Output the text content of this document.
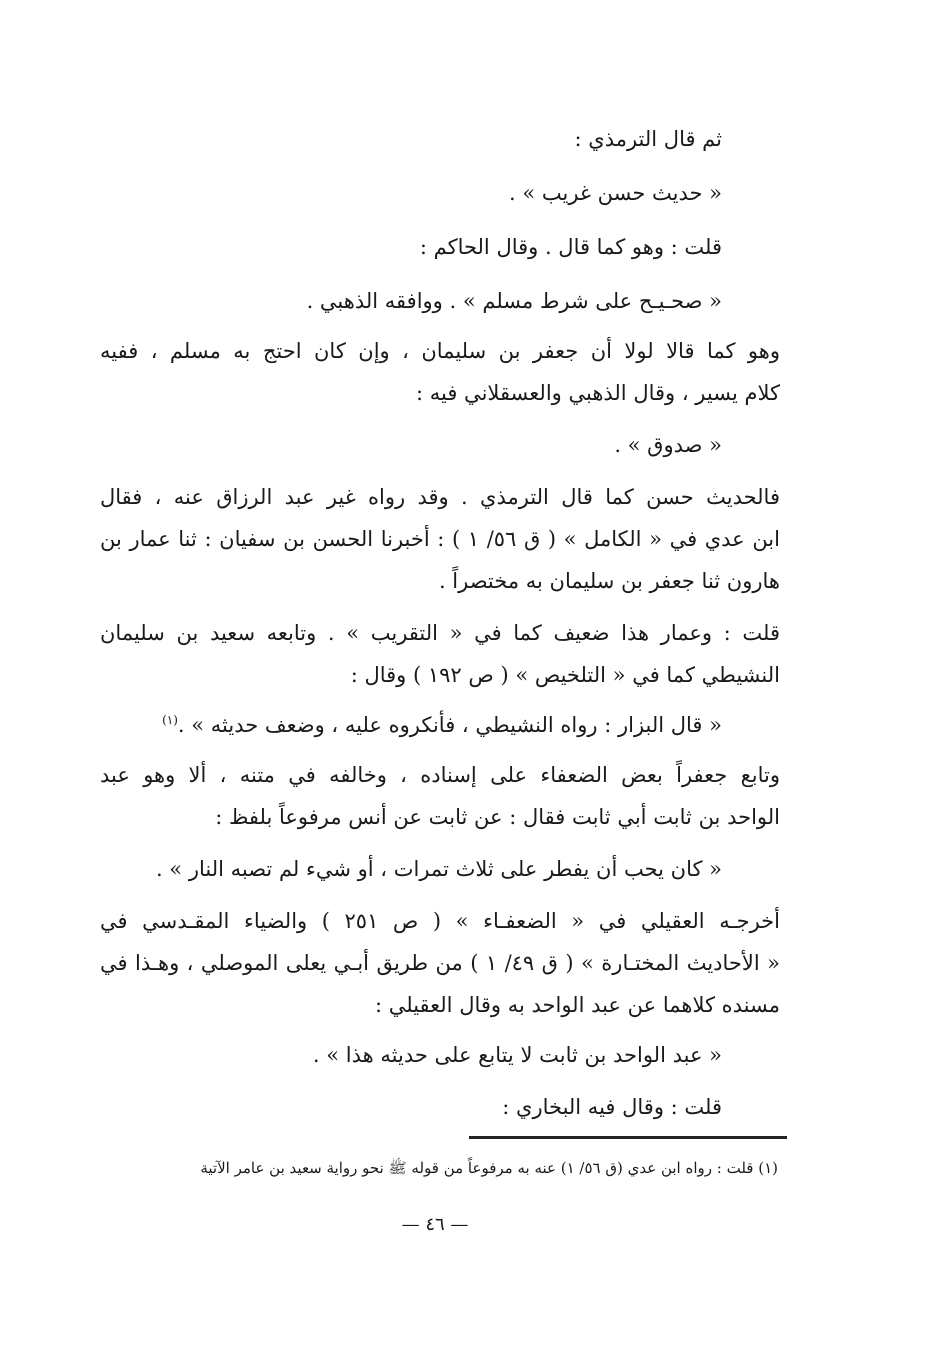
ثم قال الترمذي :
« حديث حسن غريب » .
قلت : وهو كما قال . وقال الحاكم :
« صحـيـح على شرط مسلم » . ووافقه الذهبي .
وهو كما قالا لولا أن جعفر بن سليمان ، وإن كان احتج به مسلم ، ففيه
كلام يسير ، وقال الذهبي والعسقلاني فيه :
« صدوق » .
فالحديث حسن كما قال الترمذي . وقد رواه غير عبد الرزاق عنه ، فقال
ابن عدي في « الكامل » ( ق ٥٦/ ١ ) : أخبرنا الحسن بن سفيان : ثنا عمار بن
هارون ثنا جعفر بن سليمان به مختصراً .
قلت : وعمار هذا ضعيف كما في « التقريب » . وتابعه سعيد بن سليمان
النشيطي كما في « التلخيص » ( ص ١٩٢ ) وقال :
« قال البزار : رواه النشيطي ، فأنكروه عليه ، وضعف حديثه » .$^{(١)}$
وتابع جعفراً بعض الضعفاء على إسناده ، وخالفه في متنه ، ألا وهو عبد
الواحد بن ثابت أبي ثابت فقال : عن ثابت عن أنس مرفوعاً بلفظ :
« كان يحب أن يفطر على ثلاث تمرات ، أو شيء لم تصبه النار » .
أخرجـه العقيلي في « الضعفـاء » ( ص ٢٥١ ) والضياء المقـدسي في
« الأحاديث المختـارة » ( ق ٤٩/ ١ ) من طريق أبـي يعلى الموصلي ، وهـذا في
مسنده كلاهما عن عبد الواحد به وقال العقيلي :
« عبد الواحد بن ثابت لا يتابع على حديثه هذا » .
قلت : وقال فيه البخاري :
(١) قلت : رواه ابن عدي (ق ٥٦/ ١) عنه به مرفوعاً من قوله ﷺ نحو رواية سعيد بن عامر الآتية
— ٤٦ —
